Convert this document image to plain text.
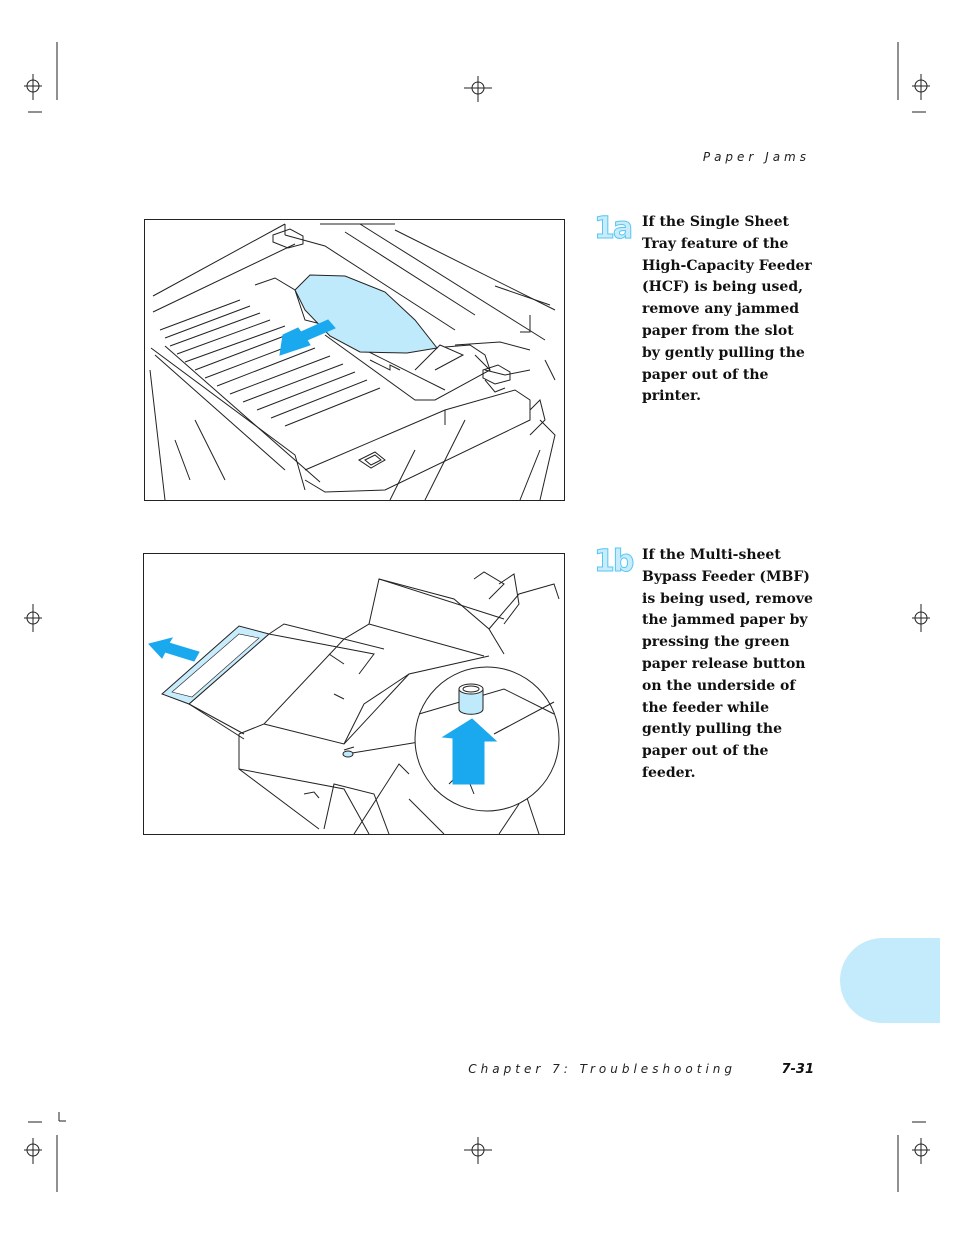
Paper Jams
1a If the Single Sheet Tray feature of the High-Capacity Feeder (HCF) is being used, remove any jammed paper from the slot by gently pulling the paper out of the printer.
1b If the Multi-sheet Bypass Feeder (MBF) is being used, remove the jammed paper by pressing the green paper release button on the underside of the feeder while gently pulling the paper out of the feeder.
Chapter 7: Troubleshooting	7-31
